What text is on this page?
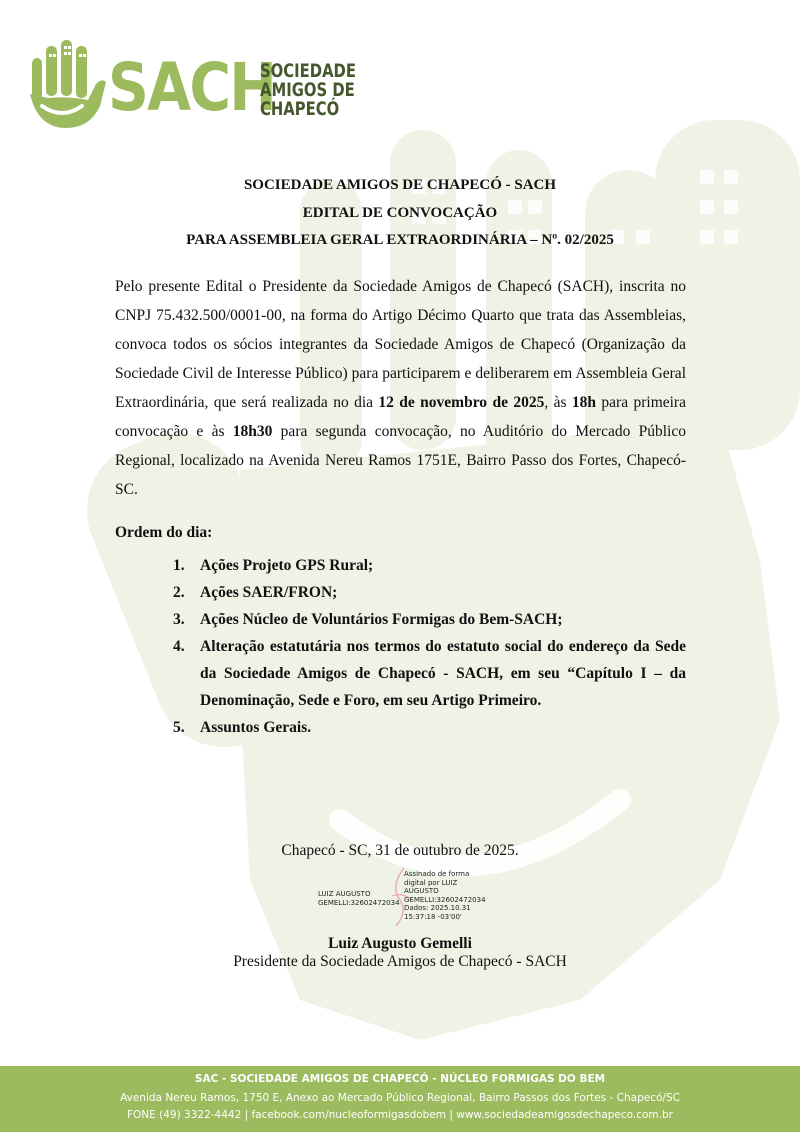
SACH
SOCIEDADE
AMIGOS DE
CHAPECÓ
SOCIEDADE AMIGOS DE CHAPECÓ - SACH
EDITAL DE CONVOCAÇÃO
PARA ASSEMBLEIA GERAL EXTRAORDINÁRIA – Nº. 02/2025
Pelo presente Edital o Presidente da Sociedade Amigos de Chapecó (SACH), inscrita no CNPJ 75.432.500/0001-00, na forma do Artigo Décimo Quarto que trata das Assembleias, convoca todos os sócios integrantes da Sociedade Amigos de Chapecó (Organização da Sociedade Civil de Interesse Público) para participarem e deliberarem em Assembleia Geral Extraordinária, que será realizada no dia 12 de novembro de 2025, às 18h para primeira convocação e às 18h30 para segunda convocação, no Auditório do Mercado Público Regional, localizado na Avenida Nereu Ramos 1751E, Bairro Passo dos Fortes, Chapecó-SC.
Ordem do dia:
1. Ações Projeto GPS Rural;
2. Ações SAER/FRON;
3. Ações Núcleo de Voluntários Formigas do Bem-SACH;
4. Alteração estatutária nos termos do estatuto social do endereço da Sede da Sociedade Amigos de Chapecó - SACH, em seu “Capítulo I – da Denominação, Sede e Foro, em seu Artigo Primeiro.
5. Assuntos Gerais.
Chapecó - SC, 31 de outubro de 2025.
LUIZ AUGUSTO
GEMELLI:32602472034
Assinado de forma
digital por LUIZ
AUGUSTO
GEMELLI:32602472034
Dados: 2025.10.31
15:37:18 -03'00'
Luiz Augusto Gemelli
Presidente da Sociedade Amigos de Chapecó - SACH
SAC - SOCIEDADE AMIGOS DE CHAPECÓ - NÚCLEO FORMIGAS DO BEM
Avenida Nereu Ramos, 1750 E, Anexo ao Mercado Público Regional, Bairro Passos dos Fortes - Chapecó/SC
FONE (49) 3322-4442 | facebook.com/nucleoformigasdobem | www.sociedadeamigosdechapeco.com.br
